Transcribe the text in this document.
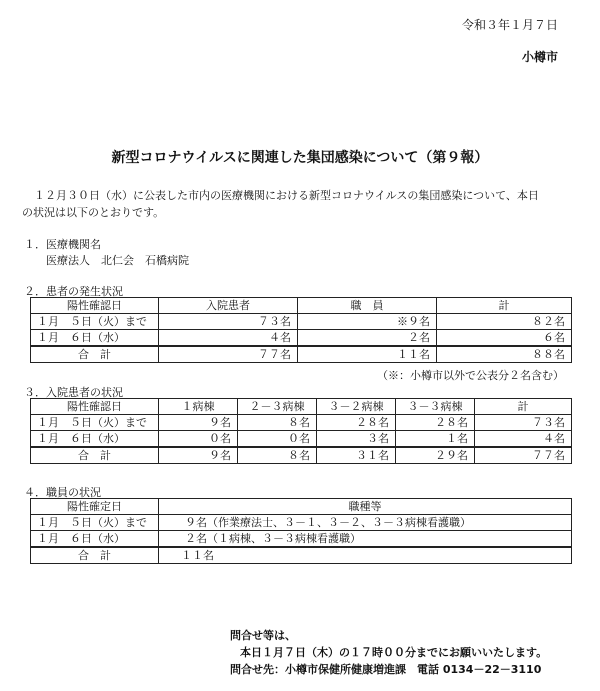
令和３年１月７日
小樽市
新型コロナウイルスに関連した集団感染について（第９報）
１２月３０日（水）に公表した市内の医療機関における新型コロナウイルスの集団感染について、本日
の状況は以下のとおりです。
１．医療機関名
医療法人　北仁会　石橋病院
２．患者の発生状況
陽性確認日	入院患者	職　員	計
１月　５日（火）まで	７３名	※９名	８２名
１月　６日（水）	４名	２名	６名
合　計	７７名	１１名	８８名
（※：小樽市以外で公表分２名含む）
３．入院患者の状況
陽性確認日	１病棟	２－３病棟	３－２病棟	３－３病棟	計
１月　５日（火）まで	９名	８名	２８名	２８名	７３名
１月　６日（水）	０名	０名	３名	１名	４名
合　計	９名	８名	３１名	２９名	７７名
４．職員の状況
陽性確定日	職種等
１月　５日（火）まで	９名（作業療法士、３－１、３－２、３－３病棟看護職）
１月　６日（水）	２名（１病棟、３－３病棟看護職）
合　計	１１名
問合せ等は、
本日１月７日（木）の１７時００分までにお願いいたします。
問合せ先：小樽市保健所健康増進課　電話 0134－22－3110
